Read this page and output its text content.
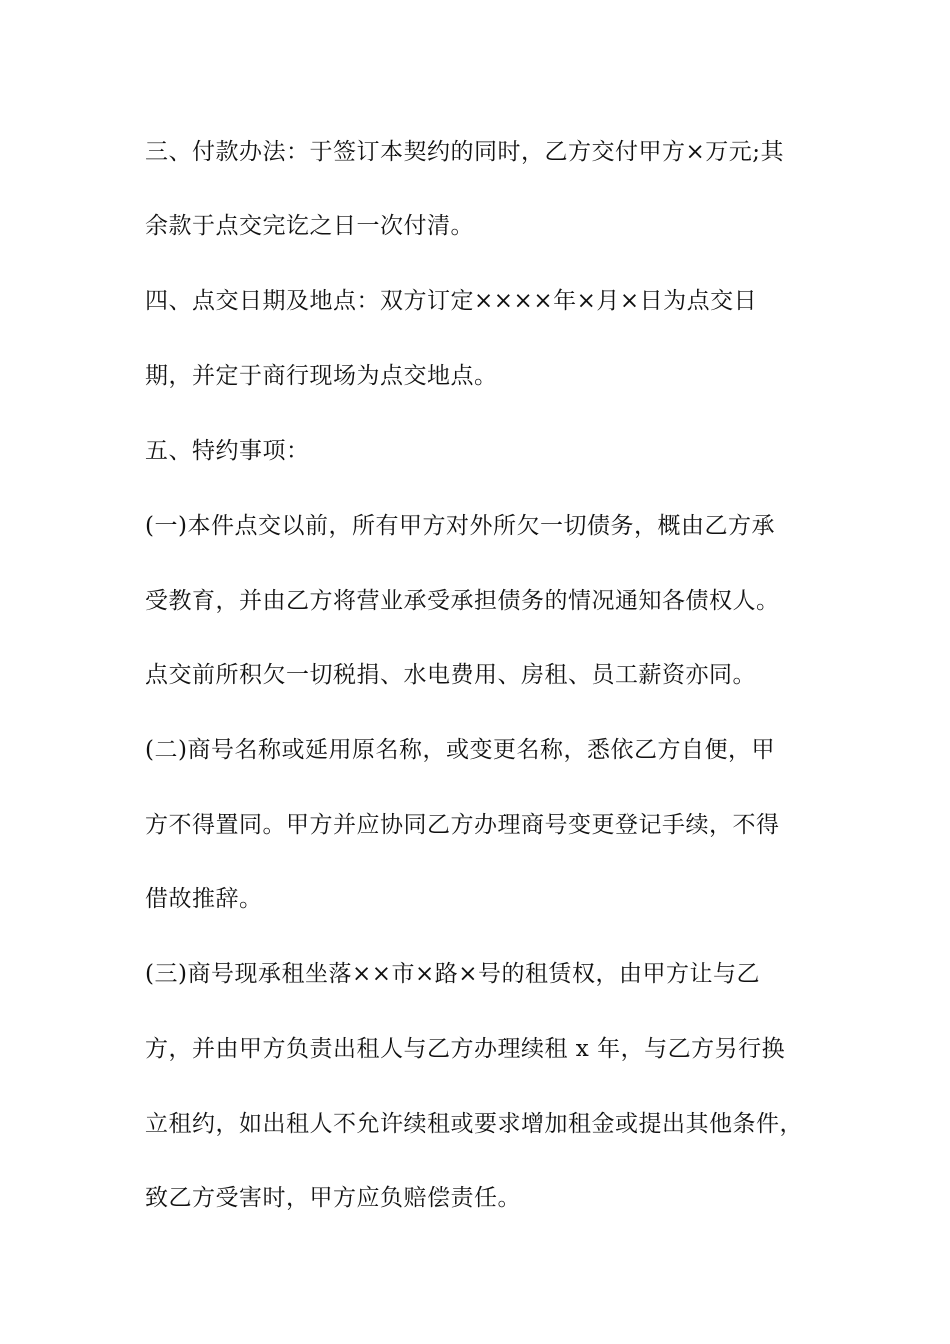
三、付款办法：于签订本契约的同时，乙方交付甲方×万元;其
余款于点交完讫之日一次付清。
四、点交日期及地点：双方订定××××年×月×日为点交日
期，并定于商行现场为点交地点。
五、特约事项：
(一)本件点交以前，所有甲方对外所欠一切债务，概由乙方承
受教育，并由乙方将营业承受承担债务的情况通知各债权人。
点交前所积欠一切税捐、水电费用、房租、员工薪资亦同。
(二)商号名称或延用原名称，或变更名称，悉依乙方自便，甲
方不得置同。甲方并应协同乙方办理商号变更登记手续，不得
借故推辞。
(三)商号现承租坐落××市×路×号的租赁权，由甲方让与乙
方，并由甲方负责出租人与乙方办理续租 x 年，与乙方另行换
立租约，如出租人不允许续租或要求增加租金或提出其他条件，
致乙方受害时，甲方应负赔偿责任。
